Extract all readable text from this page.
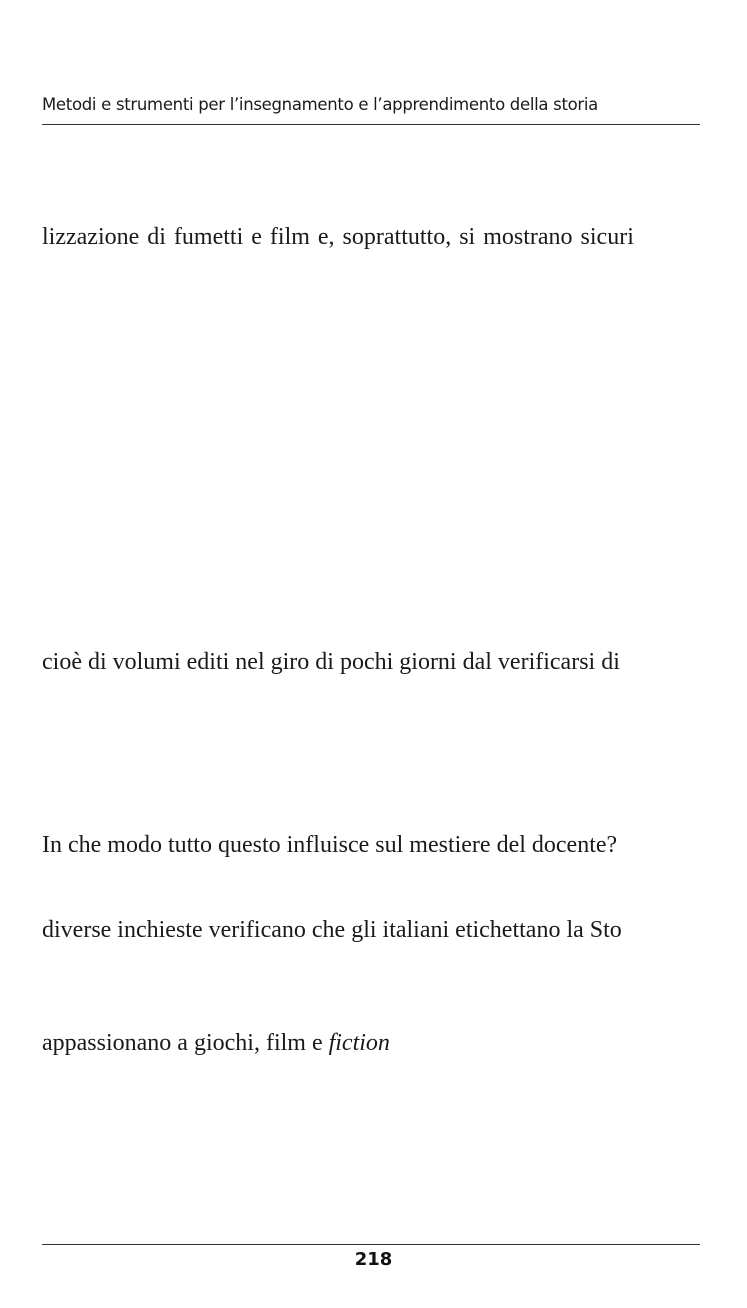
Metodi e strumenti per l’insegnamento e l’apprendimento della storia
lizzazione di fumetti e film e, soprattutto, si mostrano sicuri
cioè di volumi editi nel giro di pochi giorni dal verificarsi di
In che modo tutto questo influisce sul mestiere del docente?
diverse inchieste verificano che gli italiani etichettano la Sto
appassionano a giochi, film e fiction
218
